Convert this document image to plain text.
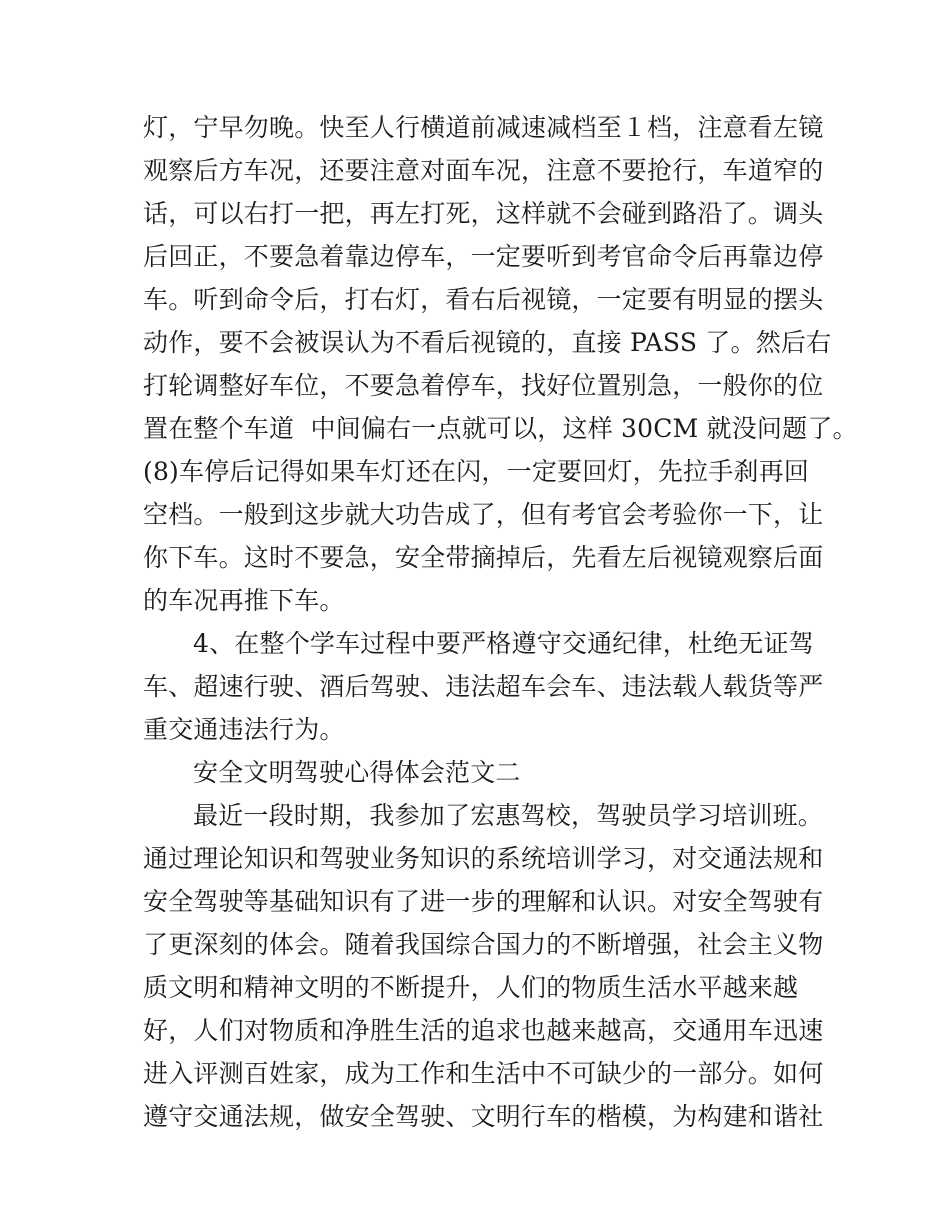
灯，宁早勿晚。快至人行横道前减速减档至１档，注意看左镜
观察后方车况，还要注意对面车况，注意不要抢行，车道窄的
话，可以右打一把，再左打死，这样就不会碰到路沿了。调头
后回正，不要急着靠边停车，一定要听到考官命令后再靠边停
车。听到命令后，打右灯，看右后视镜，一定要有明显的摆头
动作，要不会被误认为不看后视镜的，直接 PASS 了。然后右
打轮调整好车位，不要急着停车，找好位置别急，一般你的位
置在整个车道  中间偏右一点就可以，这样 30CM 就没问题了。
(8)车停后记得如果车灯还在闪，一定要回灯，先拉手刹再回
空档。一般到这步就大功告成了，但有考官会考验你一下，让
你下车。这时不要急，安全带摘掉后，先看左后视镜观察后面
的车况再推下车。
4、在整个学车过程中要严格遵守交通纪律，杜绝无证驾
车、超速行驶、酒后驾驶、违法超车会车、违法载人载货等严
重交通违法行为。
安全文明驾驶心得体会范文二
最近一段时期，我参加了宏惠驾校，驾驶员学习培训班。
通过理论知识和驾驶业务知识的系统培训学习，对交通法规和
安全驾驶等基础知识有了进一步的理解和认识。对安全驾驶有
了更深刻的体会。随着我国综合国力的不断增强，社会主义物
质文明和精神文明的不断提升，人们的物质生活水平越来越
好，人们对物质和净胜生活的追求也越来越高，交通用车迅速
进入评测百姓家，成为工作和生活中不可缺少的一部分。如何
遵守交通法规，做安全驾驶、文明行车的楷模，为构建和谐社
